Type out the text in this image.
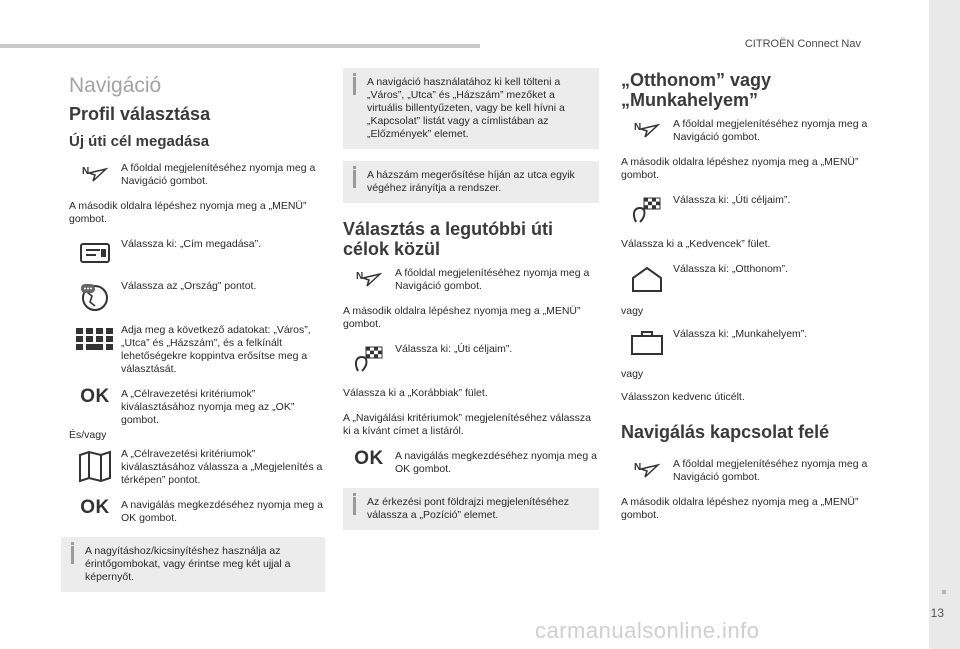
CITROËN Connect Nav
13
carmanualsonline.info
Navigáció
Profil választása
Új úti cél megadása
N	A főoldal megjelenítéséhez nyomja meg a Navigáció gombot.

A második oldalra lépéshez nyomja meg a „MENÜ” gombot.

Válassza ki: „Cím megadása”.
Válassza az „Ország” pontot.
Adja meg a következő adatokat: „Város”, „Utca” és „Házszám”, és a felkínált lehetőségekre koppintva erősítse meg a választását.
OK A „Célravezetési kritériumok” kiválasztásához nyomja meg az „OK” gombot.
És/vagy
A „Célravezetési kritériumok” kiválasztásához válassza a „Megjelenítés a térképen” pontot.
OK A navigálás megkezdéséhez nyomja meg a OK gombot.
A nagyításhoz/kicsinyítéshez használja az érintőgombokat, vagy érintse meg két ujjal a képernyőt.
A navigáció használatához ki kell tölteni a „Város”, „Utca” és „Házszám” mezőket a virtuális billentyűzeten, vagy be kell hívni a „Kapcsolat” listát vagy a címlistában az „Előzmények” elemet.
A házszám megerősítése híján az utca egyik végéhez irányítja a rendszer.
Választás a legutóbbi úti célok közül
N	A főoldal megjelenítéséhez nyomja meg a Navigáció gombot.

A második oldalra lépéshez nyomja meg a „MENÜ” gombot.

Válassza ki: „Úti céljaim”.

Válassza ki a „Korábbiak” fület.

A „Navigálási kritériumok” megjelenítéséhez válassza ki a kívánt címet a listáról.

OK A navigálás megkezdéséhez nyomja meg a OK gombot.
Az érkezési pont földrajzi megjelenítéséhez válassza a „Pozíció” elemet.
„Otthonom” vagy „Munkahelyem”
N	A főoldal megjelenítéséhez nyomja meg a Navigáció gombot.

A második oldalra lépéshez nyomja meg a „MENÜ” gombot.

Válassza ki: „Úti céljaim”.

Válassza ki a „Kedvencek” fület.

Válassza ki: „Otthonom”.
vagy
Válassza ki: „Munkahelyem”.
vagy

Válasszon kedvenc úticélt.

Navigálás kapcsolat felé
N	A főoldal megjelenítéséhez nyomja meg a Navigáció gombot.

A második oldalra lépéshez nyomja meg a „MENÜ” gombot.
